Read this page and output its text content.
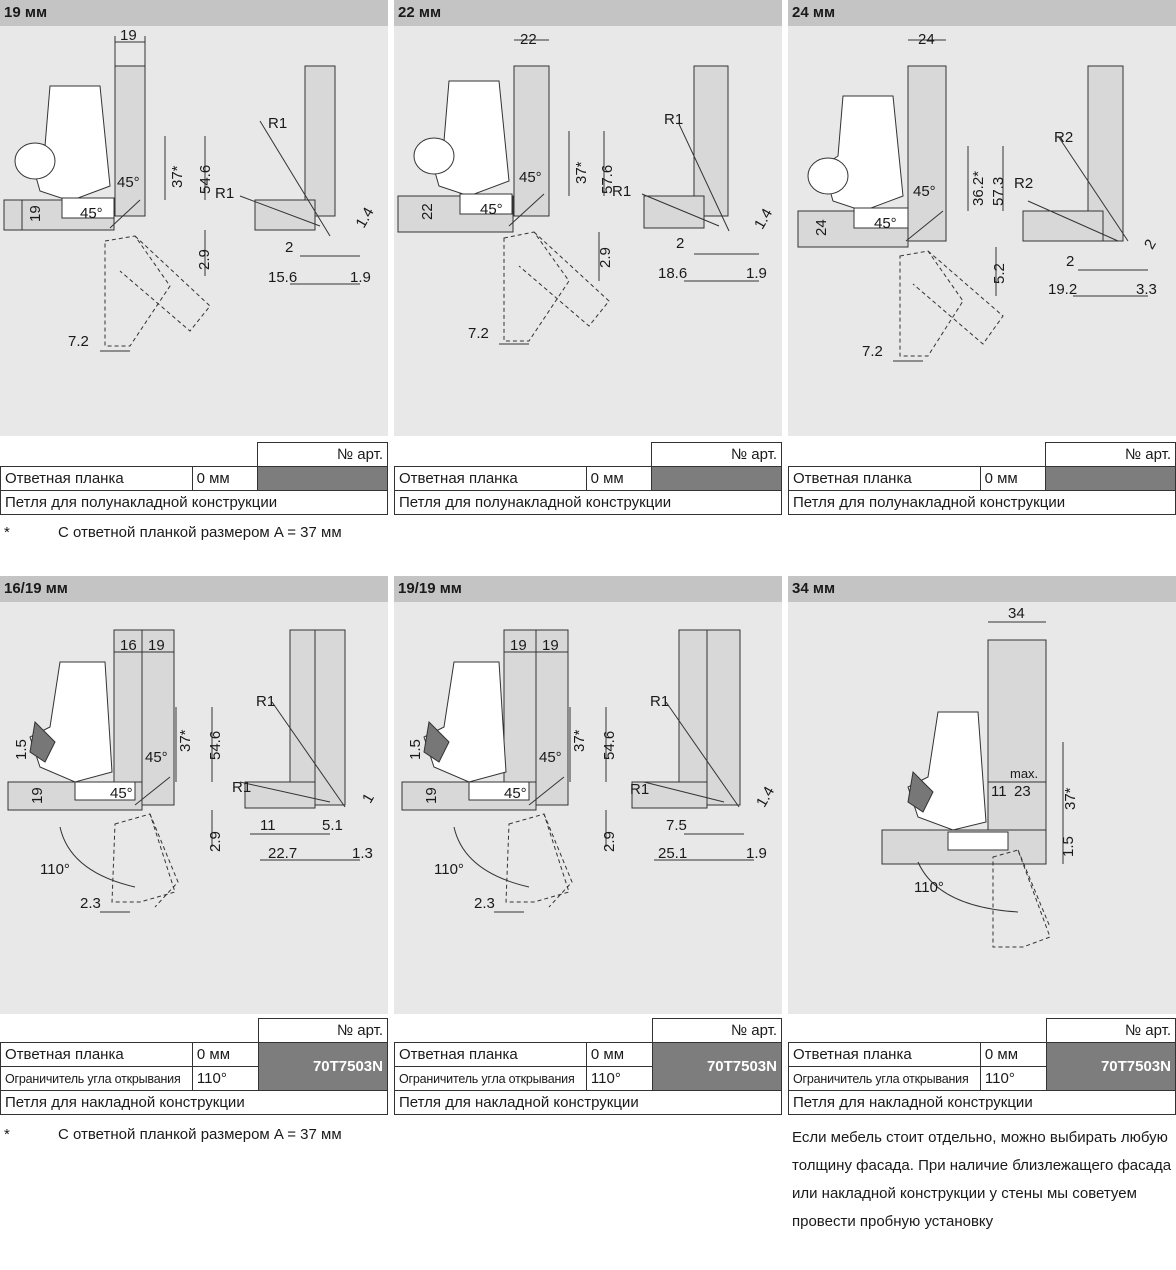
19 мм
19
37* 54.6
45°
45°
19
2.9
7.2
R1
R1
2
15.6
1.4
1.9
		№ арт.
Ответная планка	0 мм	
Петля для полунакладной конструкции		
22 мм
22
37* 57.6
45°
45°
22
2.9
7.2
R1
R1
2
18.6
1.4
1.9
		№ арт.
Ответная планка	0 мм	
Петля для полунакладной конструкции		
24 мм
24
36.2* 57.3
45°
45°
24
5.2
7.2
R2
R2
2
19.2
2
3.3
		№ арт.
Ответная планка	0 мм	
Петля для полунакладной конструкции		
*	С ответной планкой размером A = 37 мм
16/19 мм
16 19
37* 54.6
45°
45°
1.5
19
2.9
110°
2.3
R1
R1
11
22.7
5.1
1
1.3
		№ арт.
Ответная планка	0 мм	70T7503N
Ограничитель угла открывания	110°	
Петля для накладной конструкции		
19/19 мм
19 19
37* 54.6
45°
45°
1.5
19
2.9
110°
2.3
R1
R1
7.5
25.1
1.4
1.9
		№ арт.
Ответная планка	0 мм	70T7503N
Ограничитель угла открывания	110°	
Петля для накладной конструкции		
34 мм
34
max.
11 23 37*
1.5
110°
		№ арт.
Ответная планка	0 мм	70T7503N
Ограничитель угла открывания	110°	
Петля для накладной конструкции		
*	С ответной планкой размером A = 37 мм	Если мебель стоит отдельно, можно выбирать любую толщину фасада. При наличие близлежащего фасада или накладной конструкции у стены мы советуем провести пробную установку
